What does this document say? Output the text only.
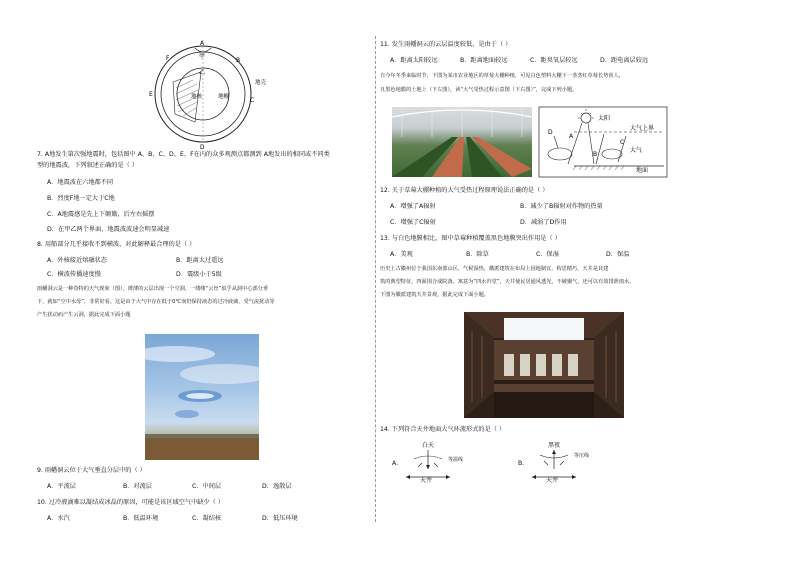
A
B
C
D
E
F	甲
乙
地核	地幔
地壳
7. A地发生第次强地震时，包括图中 A、B、C、D、E、F在内的众多观测点都测到 A地发出的相同或不同类
型的地震波，下列叙述正确的是（ ）
A．地震波在六地都不同
B．烈度F地一定大于C地
C．A地震感是先上下颠簸，后左右摇摆
D．在甲乙两个界面，地震波波速会明显减速
8. 用船部分几乎接收不到横波，对此解释最合理的是（ ）
A．外核接近熔融状态	B．距离太过遥远
C．横波传播速度慢	D．震级小于5级
雨幡洞云是一种奇特的天气现象（图）。薄薄的云层出现一个空洞，一缕缕“云丝”似乎从洞中心部分垂
下，就如“空中水母”，非常好看。这是由于大气中存在低于0℃而仍保持液态的过冷液滴，受气流扰动等
产生扰动而产生云洞，据此完成下面小题
9. 雨幡洞云位于大气垂直分层中的（ ）
A．平流层	B．对流层	C．中间层	D．逸散层
10. 过冷液滴难以凝结成冰晶的原因，可能是该区域空气中缺少（ ）
A．水汽	B．低温环境	C．凝结核	D．低压环境
11. 发生雨幡洞云的云层温度较低，是由于（ ）
A．距离太阳较远	B．距离地面较远	C．距臭氧层较远	D．距电离层较远
自今年冬季来临时节，下图为某市农业地区的草莓大棚种植，可见白色塑料大棚下一垄垄红草莓长势喜人，
且黑色地膜的土地上（下左图），读“大气受热过程示意图（下右图）”，完成下列小题。
太阳
大气上界
大气
地面
A
B
C
D
12. 关于草莓大棚种植的大气受热过程原理说法正确的是（ ）
A．增强了A辐射	B．减少了B辐射对作物的热量
C．增强了C辐射	D．减弱了D作用
13. 与白色地膜相比，图中草莓种植覆盖黑色地膜突出作用是（ ）
A．美观	B．除草	C．保湿	D．保温
历史上古徽州位于我国东南部山区，气候湿热，徽派建筑在布局上因地制宜，构思精巧，天井是其建
筑的典型特征，四面围合成院落，寓意为“四水归堂”，天井使民居通风透光，不破聚气，还可以有效排泄雨水。
下图为徽派建筑天井景观，据此完成下面小题。
14. 下列符合天井地面大气环流形式的是（ ）
A．
白天
等温线
天井
B．
黑夜
等压线
天井
